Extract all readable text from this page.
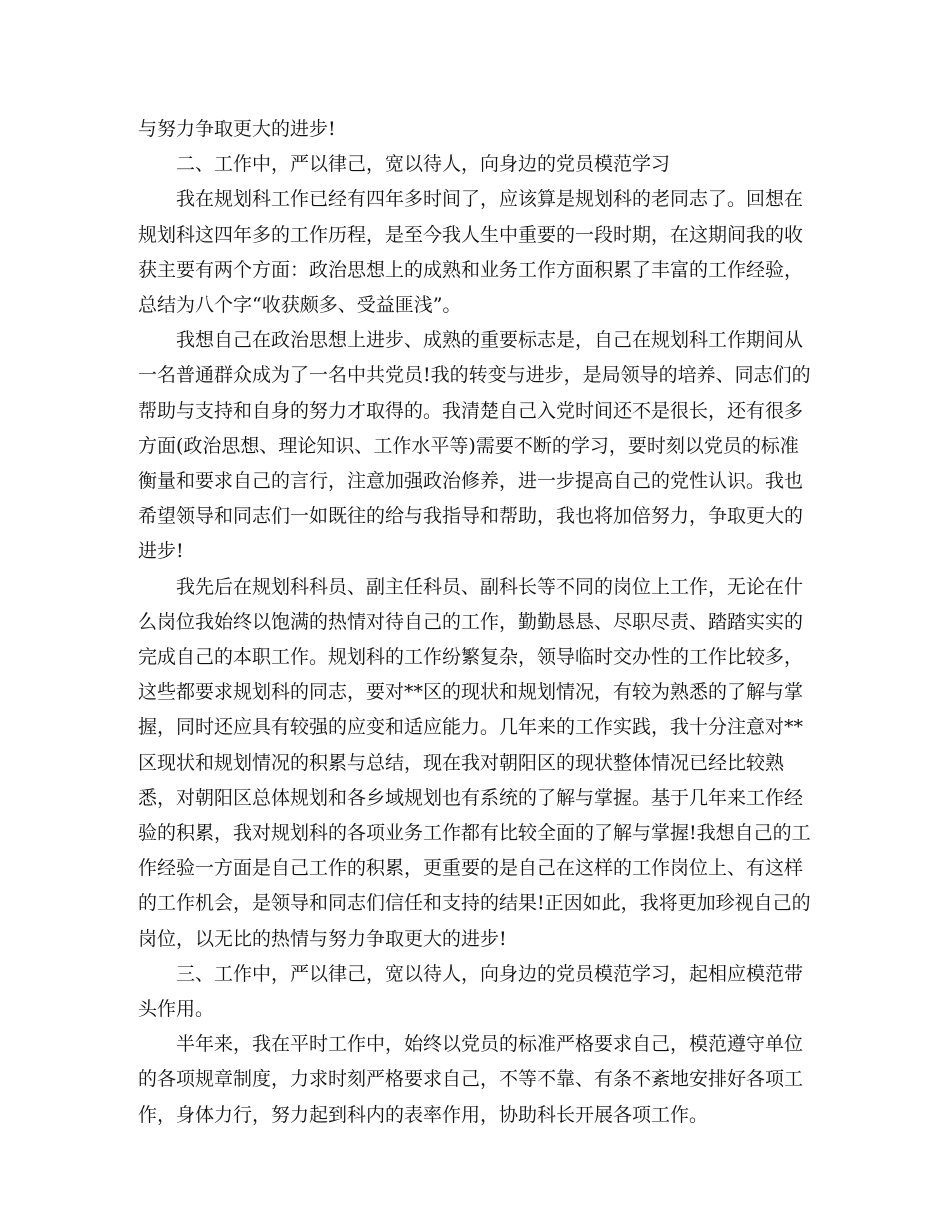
与努力争取更大的进步!

二、工作中，严以律己，宽以待人，向身边的党员模范学习

我在规划科工作已经有四年多时间了，应该算是规划科的老同志了。回想在规划科这四年多的工作历程，是至今我人生中重要的一段时期，在这期间我的收获主要有两个方面：政治思想上的成熟和业务工作方面积累了丰富的工作经验，总结为八个字“收获颇多、受益匪浅”。

我想自己在政治思想上进步、成熟的重要标志是，自己在规划科工作期间从一名普通群众成为了一名中共党员!我的转变与进步，是局领导的培养、同志们的帮助与支持和自身的努力才取得的。我清楚自己入党时间还不是很长，还有很多方面(政治思想、理论知识、工作水平等)需要不断的学习，要时刻以党员的标准衡量和要求自己的言行，注意加强政治修养，进一步提高自己的党性认识。我也希望领导和同志们一如既往的给与我指导和帮助，我也将加倍努力，争取更大的进步!

我先后在规划科科员、副主任科员、副科长等不同的岗位上工作，无论在什么岗位我始终以饱满的热情对待自己的工作，勤勤恳恳、尽职尽责、踏踏实实的完成自己的本职工作。规划科的工作纷繁复杂，领导临时交办性的工作比较多，这些都要求规划科的同志，要对**区的现状和规划情况，有较为熟悉的了解与掌握，同时还应具有较强的应变和适应能力。几年来的工作实践，我十分注意对**区现状和规划情况的积累与总结，现在我对朝阳区的现状整体情况已经比较熟悉，对朝阳区总体规划和各乡域规划也有系统的了解与掌握。基于几年来工作经验的积累，我对规划科的各项业务工作都有比较全面的了解与掌握!我想自己的工作经验一方面是自己工作的积累，更重要的是自己在这样的工作岗位上、有这样的工作机会，是领导和同志们信任和支持的结果!正因如此，我将更加珍视自己的岗位，以无比的热情与努力争取更大的进步!

三、工作中，严以律己，宽以待人，向身边的党员模范学习，起相应模范带头作用。

半年来，我在平时工作中，始终以党员的标准严格要求自己，模范遵守单位的各项规章制度，力求时刻严格要求自己，不等不靠、有条不紊地安排好各项工作，身体力行，努力起到科内的表率作用，协助科长开展各项工作。
